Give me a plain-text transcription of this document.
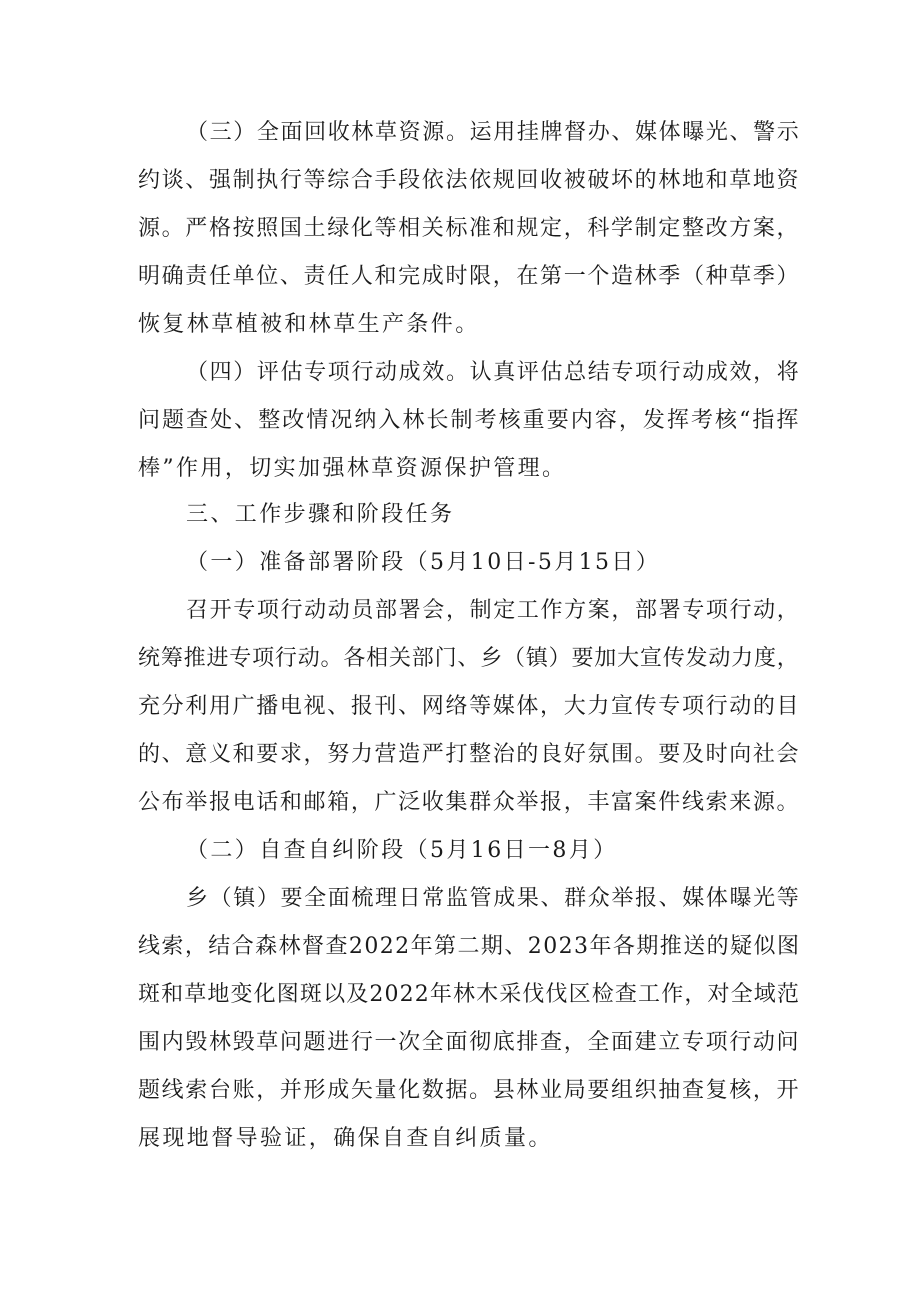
（三）全面回收林草资源。运用挂牌督办、媒体曝光、警示
约谈、强制执行等综合手段依法依规回收被破坏的林地和草地资
源。严格按照国土绿化等相关标准和规定，科学制定整改方案，
明确责任单位、责任人和完成时限，在第一个造林季（种草季）
恢复林草植被和林草生产条件。
（四）评估专项行动成效。认真评估总结专项行动成效，将
问题查处、整改情况纳入林长制考核重要内容，发挥考核“指挥
棒”作用，切实加强林草资源保护管理。
三、工作步骤和阶段任务
（一）准备部署阶段（5月10日-5月15日）
召开专项行动动员部署会，制定工作方案，部署专项行动，
统筹推进专项行动。各相关部门、乡（镇）要加大宣传发动力度，
充分利用广播电视、报刊、网络等媒体，大力宣传专项行动的目
的、意义和要求，努力营造严打整治的良好氛围。要及时向社会
公布举报电话和邮箱，广泛收集群众举报，丰富案件线索来源。
（二）自查自纠阶段（5月16日一8月）
乡（镇）要全面梳理日常监管成果、群众举报、媒体曝光等
线索，结合森林督查2022年第二期、2023年各期推送的疑似图
斑和草地变化图斑以及2022年林木采伐伐区检查工作，对全域范
围内毁林毁草问题进行一次全面彻底排查，全面建立专项行动问
题线索台账，并形成矢量化数据。县林业局要组织抽查复核，开
展现地督导验证，确保自查自纠质量。
